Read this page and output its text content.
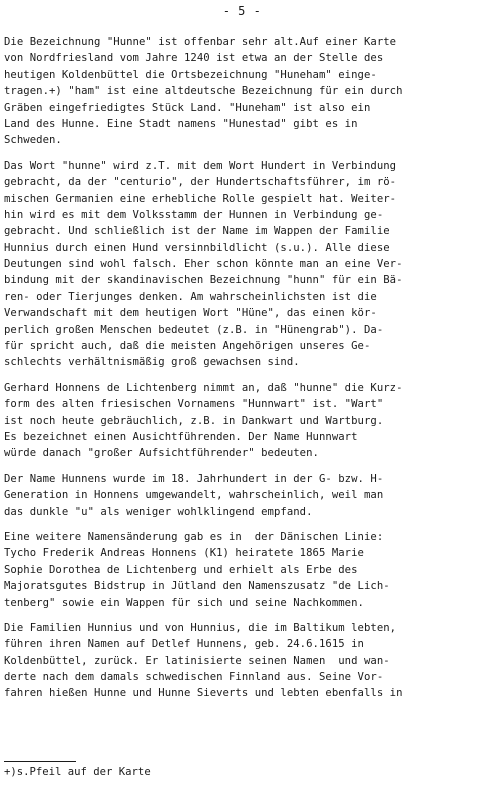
- 5 -
Die Bezeichnung "Hunne" ist offenbar sehr alt.Auf einer Karte
von Nordfriesland vom Jahre 1240 ist etwa an der Stelle des
heutigen Koldenbüttel die Ortsbezeichnung "Huneham" einge-
tragen.+) "ham" ist eine altdeutsche Bezeichnung für ein durch
Gräben eingefriedigtes Stück Land. "Huneham" ist also ein
Land des Hunne. Eine Stadt namens "Hunestad" gibt es in
Schweden.
Das Wort "hunne" wird z.T. mit dem Wort Hundert in Verbindung
gebracht, da der "centurio", der Hundertschaftsführer, im rö-
mischen Germanien eine erhebliche Rolle gespielt hat. Weiter-
hin wird es mit dem Volksstamm der Hunnen in Verbindung ge-
gebracht. Und schließlich ist der Name im Wappen der Familie
Hunnius durch einen Hund versinnbildlicht (s.u.). Alle diese
Deutungen sind wohl falsch. Eher schon könnte man an eine Ver-
bindung mit der skandinavischen Bezeichnung "hunn" für ein Bä-
ren- oder Tierjunges denken. Am wahrscheinlichsten ist die
Verwandschaft mit dem heutigen Wort "Hüne", das einen kör-
perlich großen Menschen bedeutet (z.B. in "Hünengrab"). Da-
für spricht auch, daß die meisten Angehörigen unseres Ge-
schlechts verhältnismäßig groß gewachsen sind.
Gerhard Honnens de Lichtenberg nimmt an, daß "hunne" die Kurz-
form des alten friesischen Vornamens "Hunnwart" ist. "Wart"
ist noch heute gebräuchlich, z.B. in Dankwart und Wartburg.
Es bezeichnet einen Ausichtführenden. Der Name Hunnwart
würde danach "großer Aufsichtführender" bedeuten.
Der Name Hunnens wurde im 18. Jahrhundert in der G- bzw. H-
Generation in Honnens umgewandelt, wahrscheinlich, weil man
das dunkle "u" als weniger wohlklingend empfand.
Eine weitere Namensänderung gab es in  der Dänischen Linie:
Tycho Frederik Andreas Honnens (K1) heiratete 1865 Marie
Sophie Dorothea de Lichtenberg und erhielt als Erbe des
Majoratsgutes Bidstrup in Jütland den Namenszusatz "de Lich-
tenberg" sowie ein Wappen für sich und seine Nachkommen.
Die Familien Hunnius und von Hunnius, die im Baltikum lebten,
führen ihren Namen auf Detlef Hunnens, geb. 24.6.1615 in
Koldenbüttel, zurück. Er latinisierte seinen Namen  und wan-
derte nach dem damals schwedischen Finnland aus. Seine Vor-
fahren hießen Hunne und Hunne Sieverts und lebten ebenfalls in
+)s.Pfeil auf der Karte
